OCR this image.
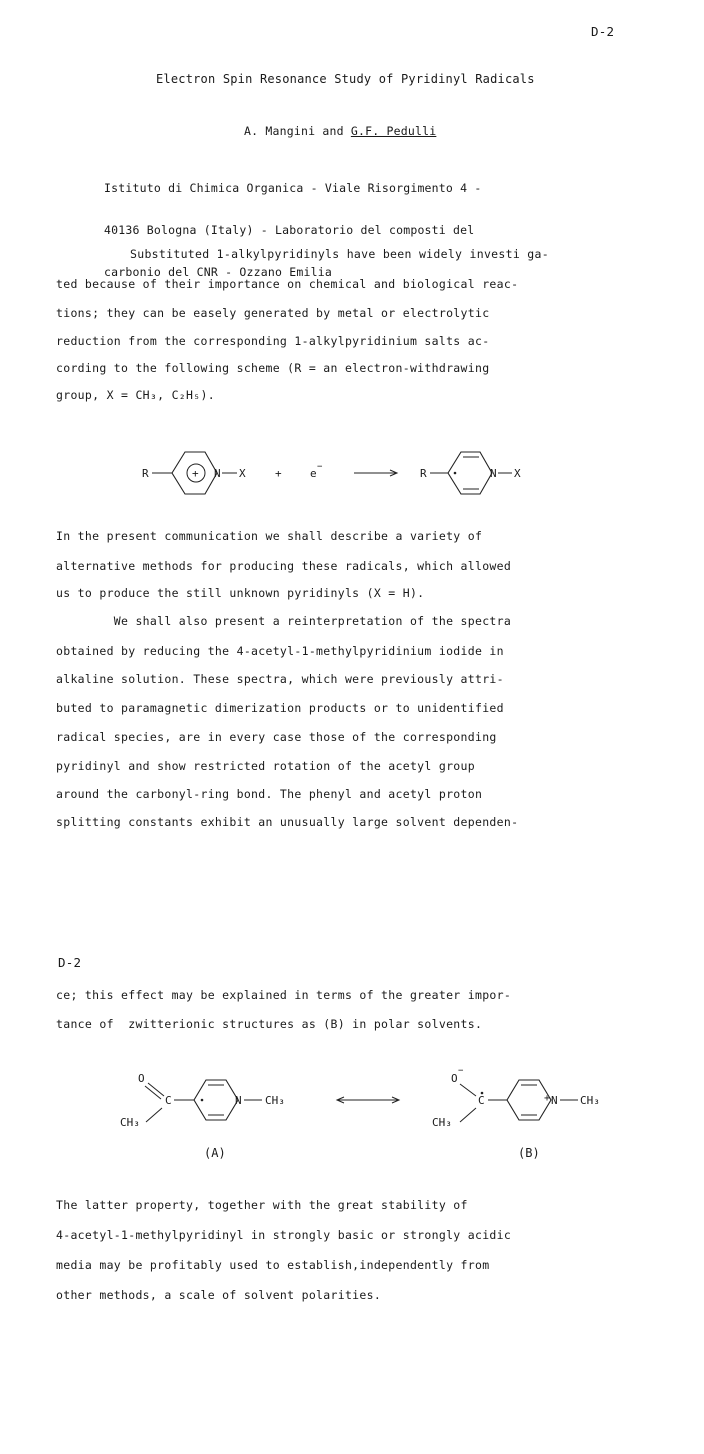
D-2
Electron Spin Resonance Study of Pyridinyl Radicals
A. Mangini and G.F. Pedulli

Istituto di Chimica Organica - Viale Risorgimento 4 -

40136 Bologna (Italy) - Laboratorio del composti del

carbonio del CNR - Ozzano Emilia

Substituted 1-alkylpyridinyls have been widely investi ga-
ted because of their importance on chemical and biological reac-
tions; they can be easely generated by metal or electrolytic
reduction from the corresponding 1-alkylpyridinium salts ac-
cording to the following scheme (R = an electron-withdrawing
group, X = CH₃, C₂H₅).
R	+ N X	+	e −	R	N X
In the present communication we shall describe a variety of
alternative methods for producing these radicals, which allowed
us to produce the still unknown pyridinyls (X = H).
We shall also present a reinterpretation of the spectra
obtained by reducing the 4-acetyl-1-methylpyridinium iodide in
alkaline solution. These spectra, which were previously attri-
buted to paramagnetic dimerization products or to unidentified
radical species, are in every case those of the corresponding
pyridinyl and show restricted rotation of the acetyl group
around the carbonyl-ring bond. The phenyl and acetyl proton
splitting constants exhibit an unusually large solvent dependen-
D-2
ce; this effect may be explained in terms of the greater impor-
tance of  zwitterionic structures as (B) in polar solvents.
O
C
CH₃
N CH₃
(A)
O
−
C
CH₃
+ N CH₃
(B)
The latter property, together with the great stability of
4-acetyl-1-methylpyridinyl in strongly basic or strongly acidic
media may be profitably used to establish,independently from
other methods, a scale of solvent polarities.
